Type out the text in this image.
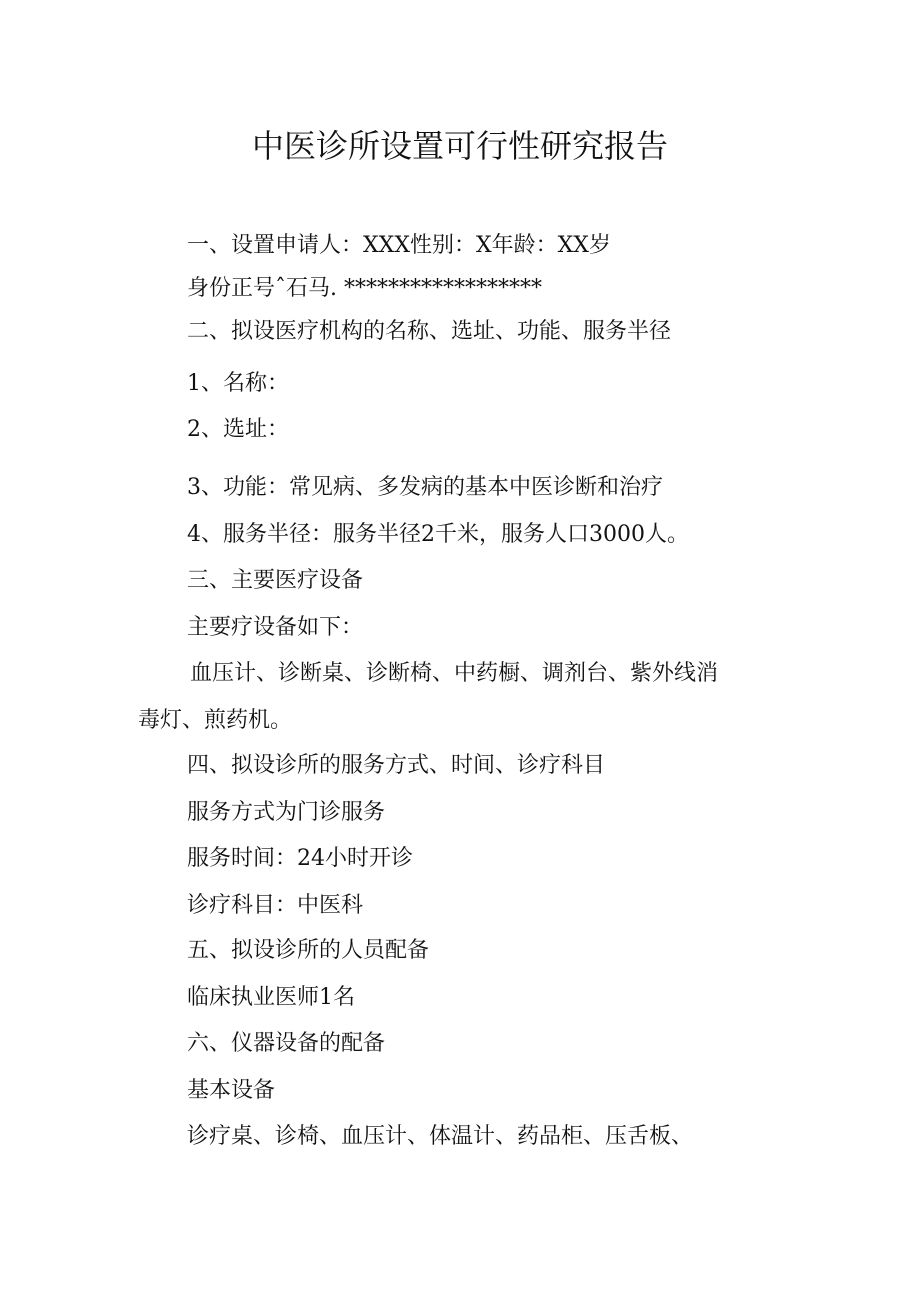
中医诊所设置可行性研究报告
一、设置申请人：XXX性别：X年龄：XX岁
身份正号ˆ石马. ******************
二、拟设医疗机构的名称、选址、功能、服务半径
1、名称：
2、选址：
3、功能：常见病、多发病的基本中医诊断和治疗
4、服务半径：服务半径2千米，服务人口3000人。
三、主要医疗设备
主要疗设备如下：
血压计、诊断桌、诊断椅、中药橱、调剂台、紫外线消
毒灯、煎药机。
四、拟设诊所的服务方式、时间、诊疗科目
服务方式为门诊服务
服务时间：24小时开诊
诊疗科目：中医科
五、拟设诊所的人员配备
临床执业医师1名
六、仪器设备的配备
基本设备
诊疗桌、诊椅、血压计、体温计、药品柜、压舌板、
